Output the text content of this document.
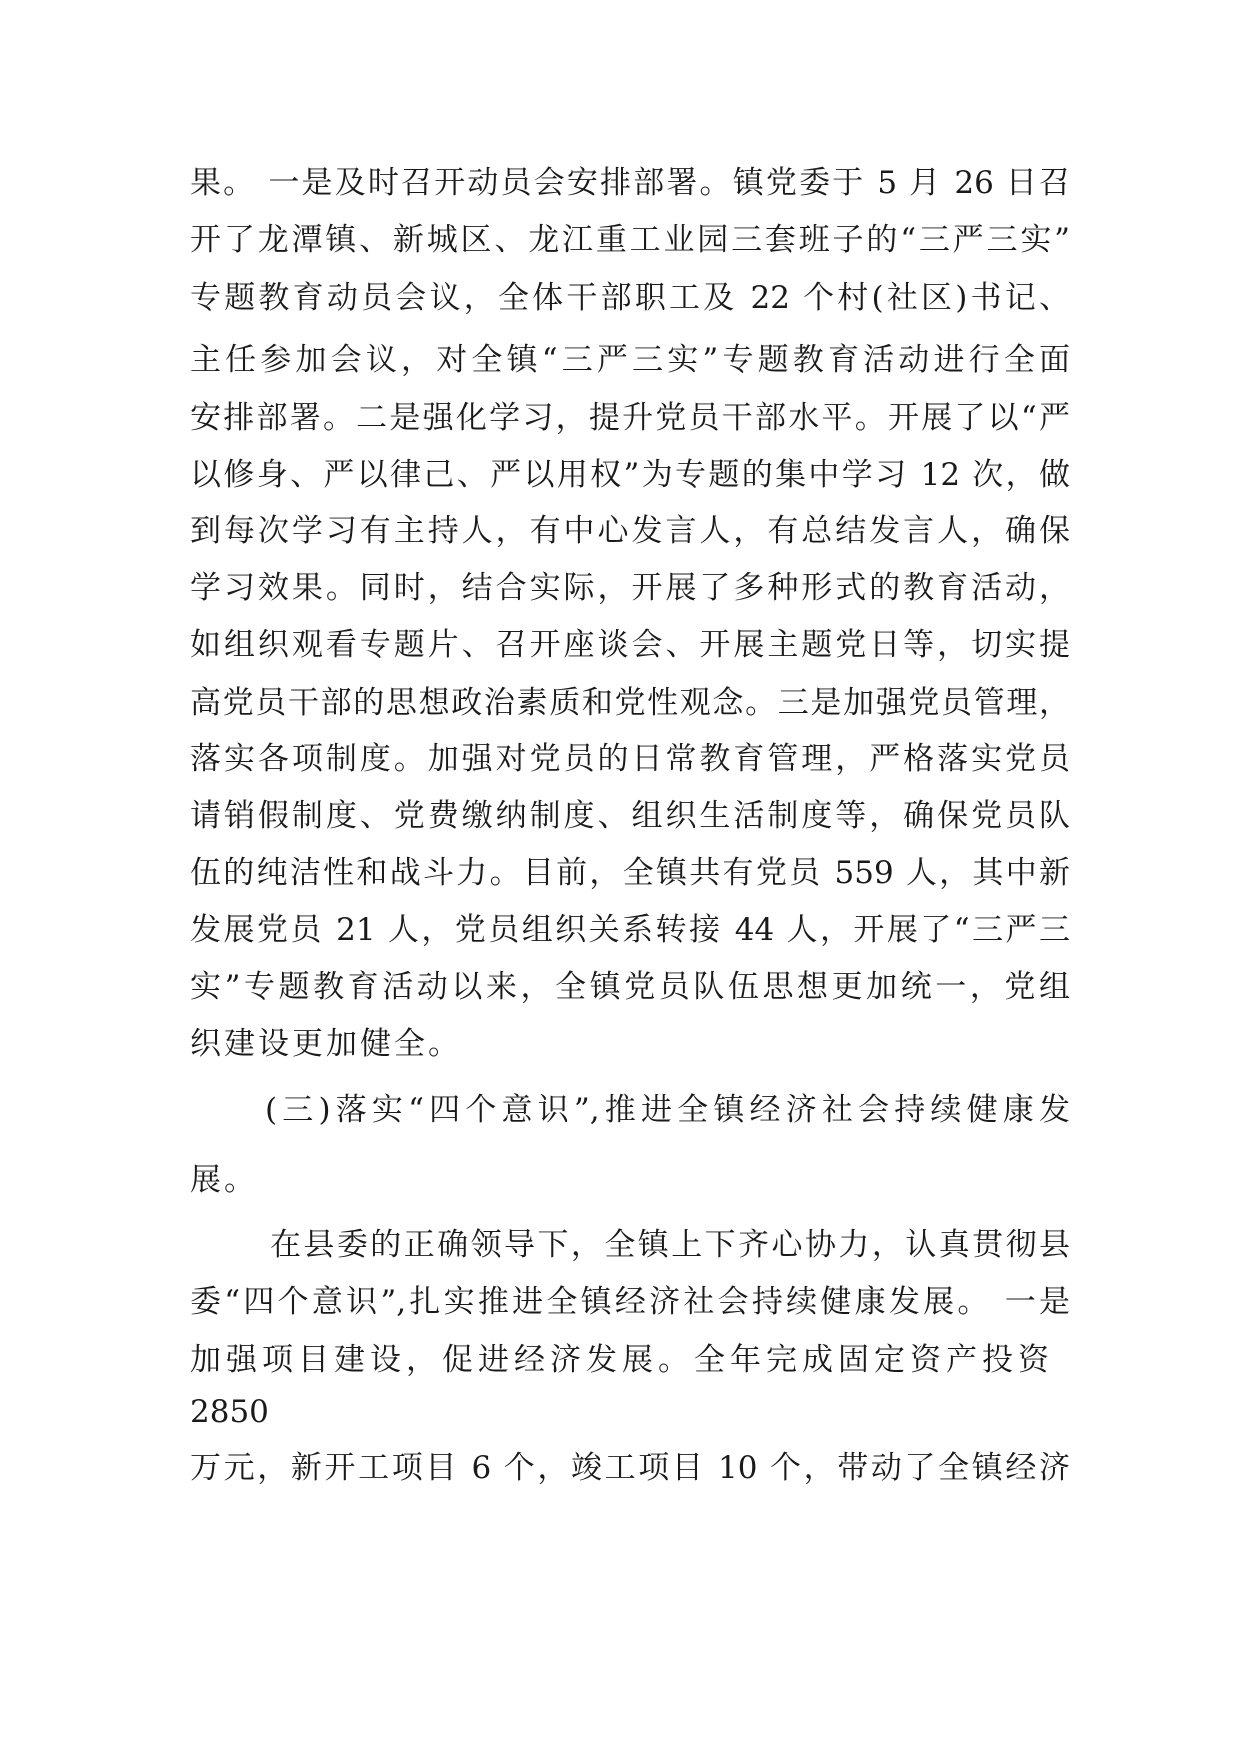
果。 一是及时召开动员会安排部署。镇党委于 5 月 26 日召
开了龙潭镇、新城区、龙江重工业园三套班子的“三严三实”
专题教育动员会议，全体干部职工及 22 个村(社区)书记、
主任参加会议，对全镇“三严三实”专题教育活动进行全面
安排部署。二是强化学习，提升党员干部水平。开展了以“严
以修身、严以律己、严以用权”为专题的集中学习 12 次，做
到每次学习有主持人，有中心发言人，有总结发言人，确保
学习效果。同时，结合实际，开展了多种形式的教育活动，
如组织观看专题片、召开座谈会、开展主题党日等，切实提
高党员干部的思想政治素质和党性观念。三是加强党员管理，
落实各项制度。加强对党员的日常教育管理，严格落实党员
请销假制度、党费缴纳制度、组织生活制度等，确保党员队
伍的纯洁性和战斗力。目前，全镇共有党员 559 人，其中新
发展党员 21 人，党员组织关系转接 44 人，开展了“三严三
实”专题教育活动以来，全镇党员队伍思想更加统一，党组
织建设更加健全。
(三)落实“四个意识”,推进全镇经济社会持续健康发
展。
在县委的正确领导下，全镇上下齐心协力，认真贯彻县
委“四个意识”,扎实推进全镇经济社会持续健康发展。 一是
加强项目建设，促进经济发展。全年完成固定资产投资
2850
万元，新开工项目 6 个，竣工项目 10 个，带动了全镇经济
